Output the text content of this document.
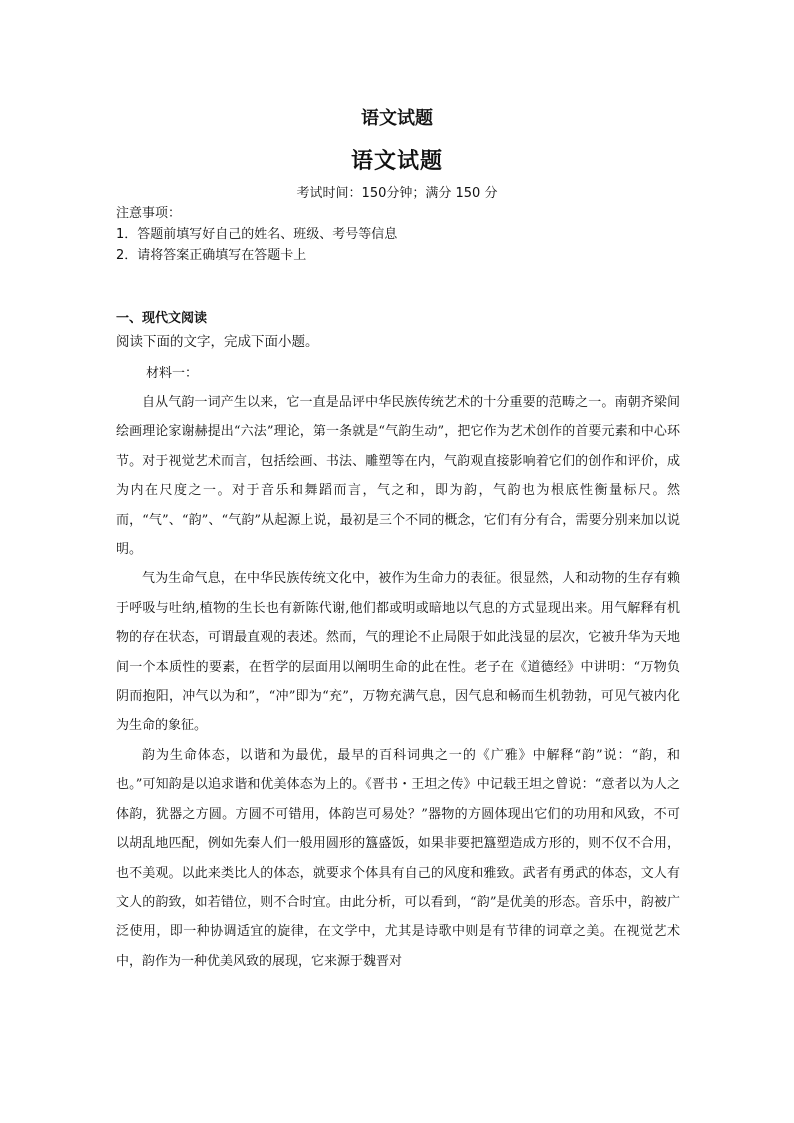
语文试题
语文试题
考试时间：150分钟；满分 150 分
注意事项：
1．答题前填写好自己的姓名、班级、考号等信息
2．请将答案正确填写在答题卡上
一、现代文阅读
阅读下面的文字，完成下面小题。
材料一：

自从气韵一词产生以来，它一直是品评中华民族传统艺术的十分重要的范畴之一。南朝齐梁间绘画理论家谢赫提出“六法”理论，第一条就是“气韵生动”，把它作为艺术创作的首要元素和中心环节。对于视觉艺术而言，包括绘画、书法、雕塑等在内，气韵观直接影响着它们的创作和评价，成为内在尺度之一。对于音乐和舞蹈而言，气之和，即为韵，气韵也为根底性衡量标尺。然而，“气”、“韵”、“气韵”从起源上说，最初是三个不同的概念，它们有分有合，需要分别来加以说明。

气为生命气息，在中华民族传统文化中，被作为生命力的表征。很显然，人和动物的生存有赖于呼吸与吐纳,植物的生长也有新陈代谢,他们都或明或暗地以气息的方式显现出来。用气解释有机物的存在状态，可谓最直观的表述。然而，气的理论不止局限于如此浅显的层次，它被升华为天地间一个本质性的要素，在哲学的层面用以阐明生命的此在性。老子在《道德经》中讲明：“万物负阴而抱阳，冲气以为和”，“冲”即为“充”，万物充满气息，因气息和畅而生机勃勃，可见气被内化为生命的象征。

韵为生命体态，以谐和为最优，最早的百科词典之一的《广雅》中解释“韵”说：“韵，和也。”可知韵是以追求谐和优美体态为上的。《晋书・王坦之传》中记载王坦之曾说：“意者以为人之体韵，犹器之方圆。方圆不可错用，体韵岂可易处？”器物的方圆体现出它们的功用和风致，不可以胡乱地匹配，例如先秦人们一般用圆形的簋盛饭，如果非要把簋塑造成方形的，则不仅不合用，也不美观。以此来类比人的体态，就要求个体具有自己的风度和雅致。武者有勇武的体态，文人有文人的韵致，如若错位，则不合时宜。由此分析，可以看到，“韵”是优美的形态。音乐中，韵被广泛使用，即一种协调适宜的旋律，在文学中，尤其是诗歌中则是有节律的词章之美。在视觉艺术中，韵作为一种优美风致的展现，它来源于魏晋对
